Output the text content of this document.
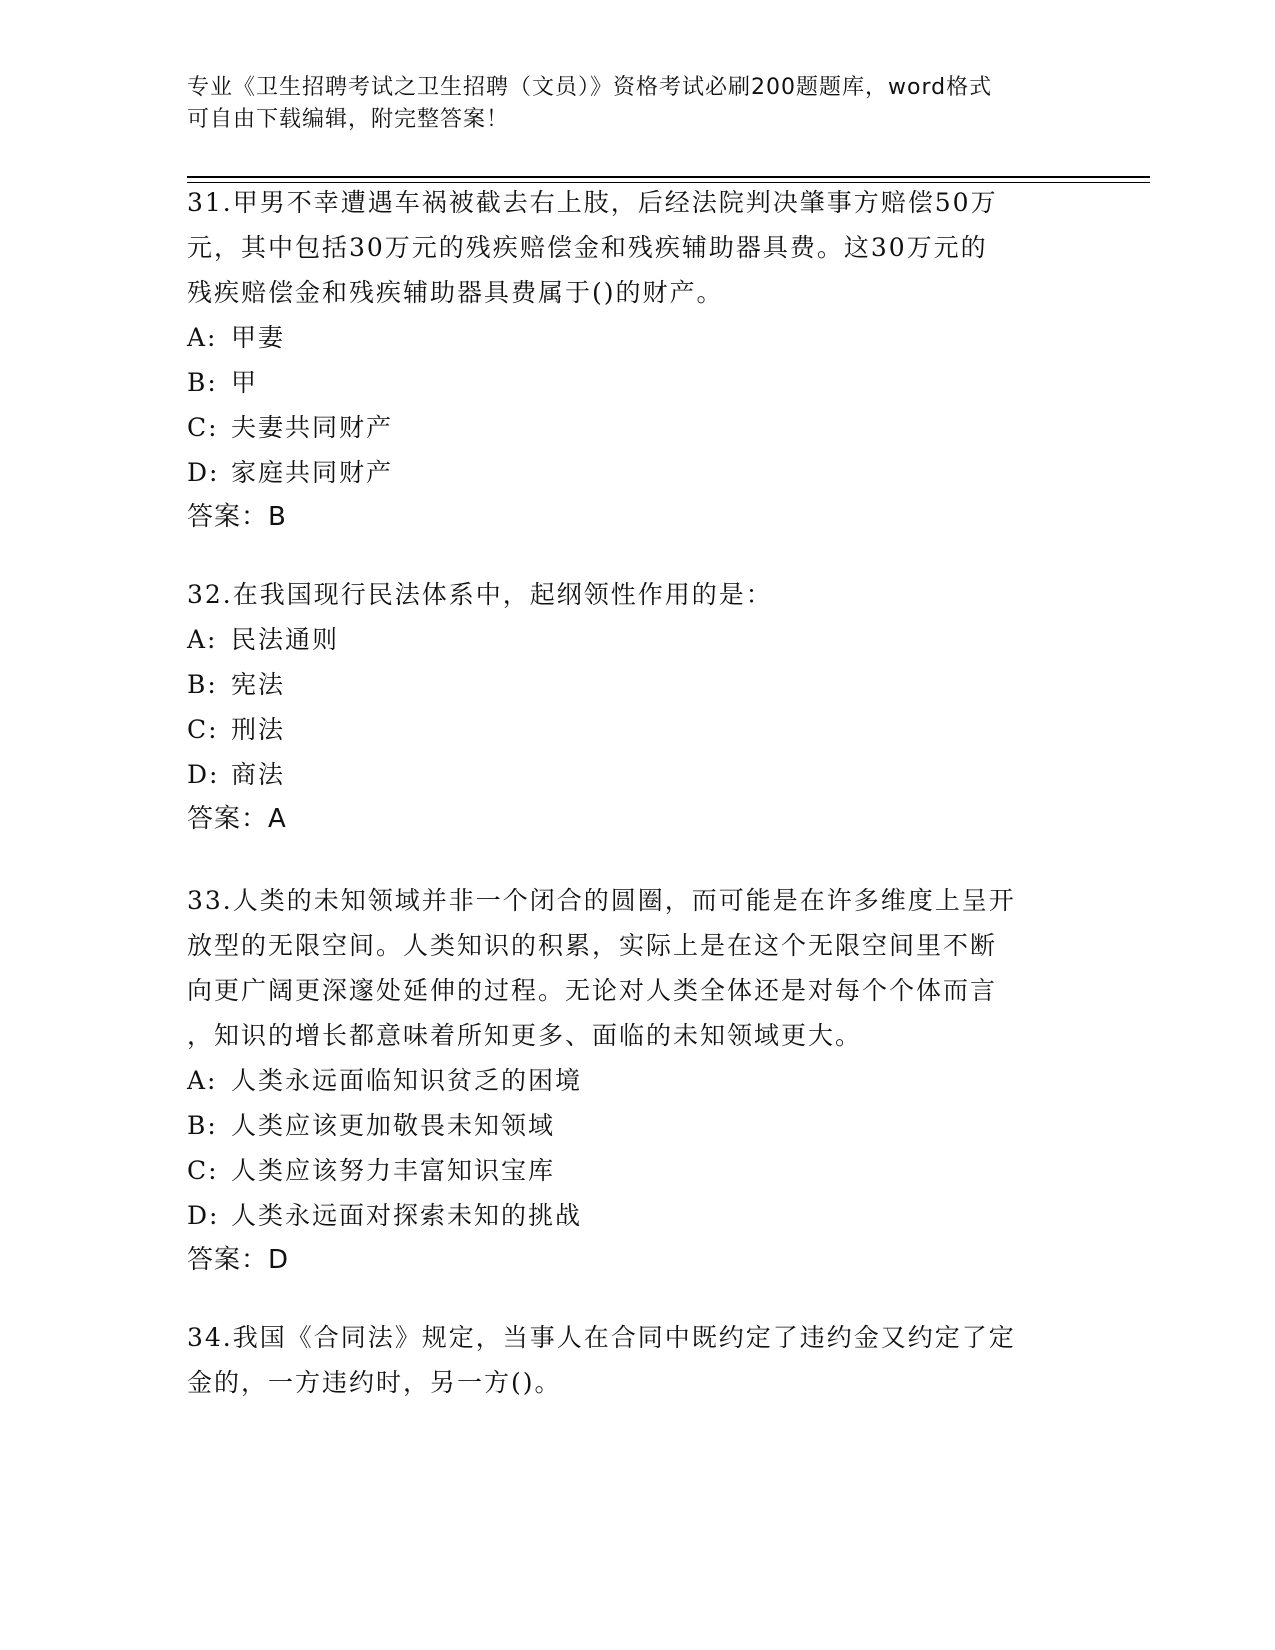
专业《卫生招聘考试之卫生招聘（文员）》资格考试必刷200题题库，word格式
可自由下载编辑，附完整答案！
31.甲男不幸遭遇车祸被截去右上肢，后经法院判决肇事方赔偿50万
元，其中包括30万元的残疾赔偿金和残疾辅助器具费。这30万元的
残疾赔偿金和残疾辅助器具费属于()的财产。
A: 甲妻
B: 甲
C: 夫妻共同财产
D: 家庭共同财产
答案：B
32.在我国现行民法体系中，起纲领性作用的是：
A: 民法通则
B: 宪法
C: 刑法
D: 商法
答案：A
33.人类的未知领域并非一个闭合的圆圈，而可能是在许多维度上呈开
放型的无限空间。人类知识的积累，实际上是在这个无限空间里不断
向更广阔更深邃处延伸的过程。无论对人类全体还是对每个个体而言
，知识的增长都意味着所知更多、面临的未知领域更大。
A: 人类永远面临知识贫乏的困境
B: 人类应该更加敬畏未知领域
C: 人类应该努力丰富知识宝库
D: 人类永远面对探索未知的挑战
答案：D
34.我国《合同法》规定，当事人在合同中既约定了违约金又约定了定
金的，一方违约时，另一方()。
